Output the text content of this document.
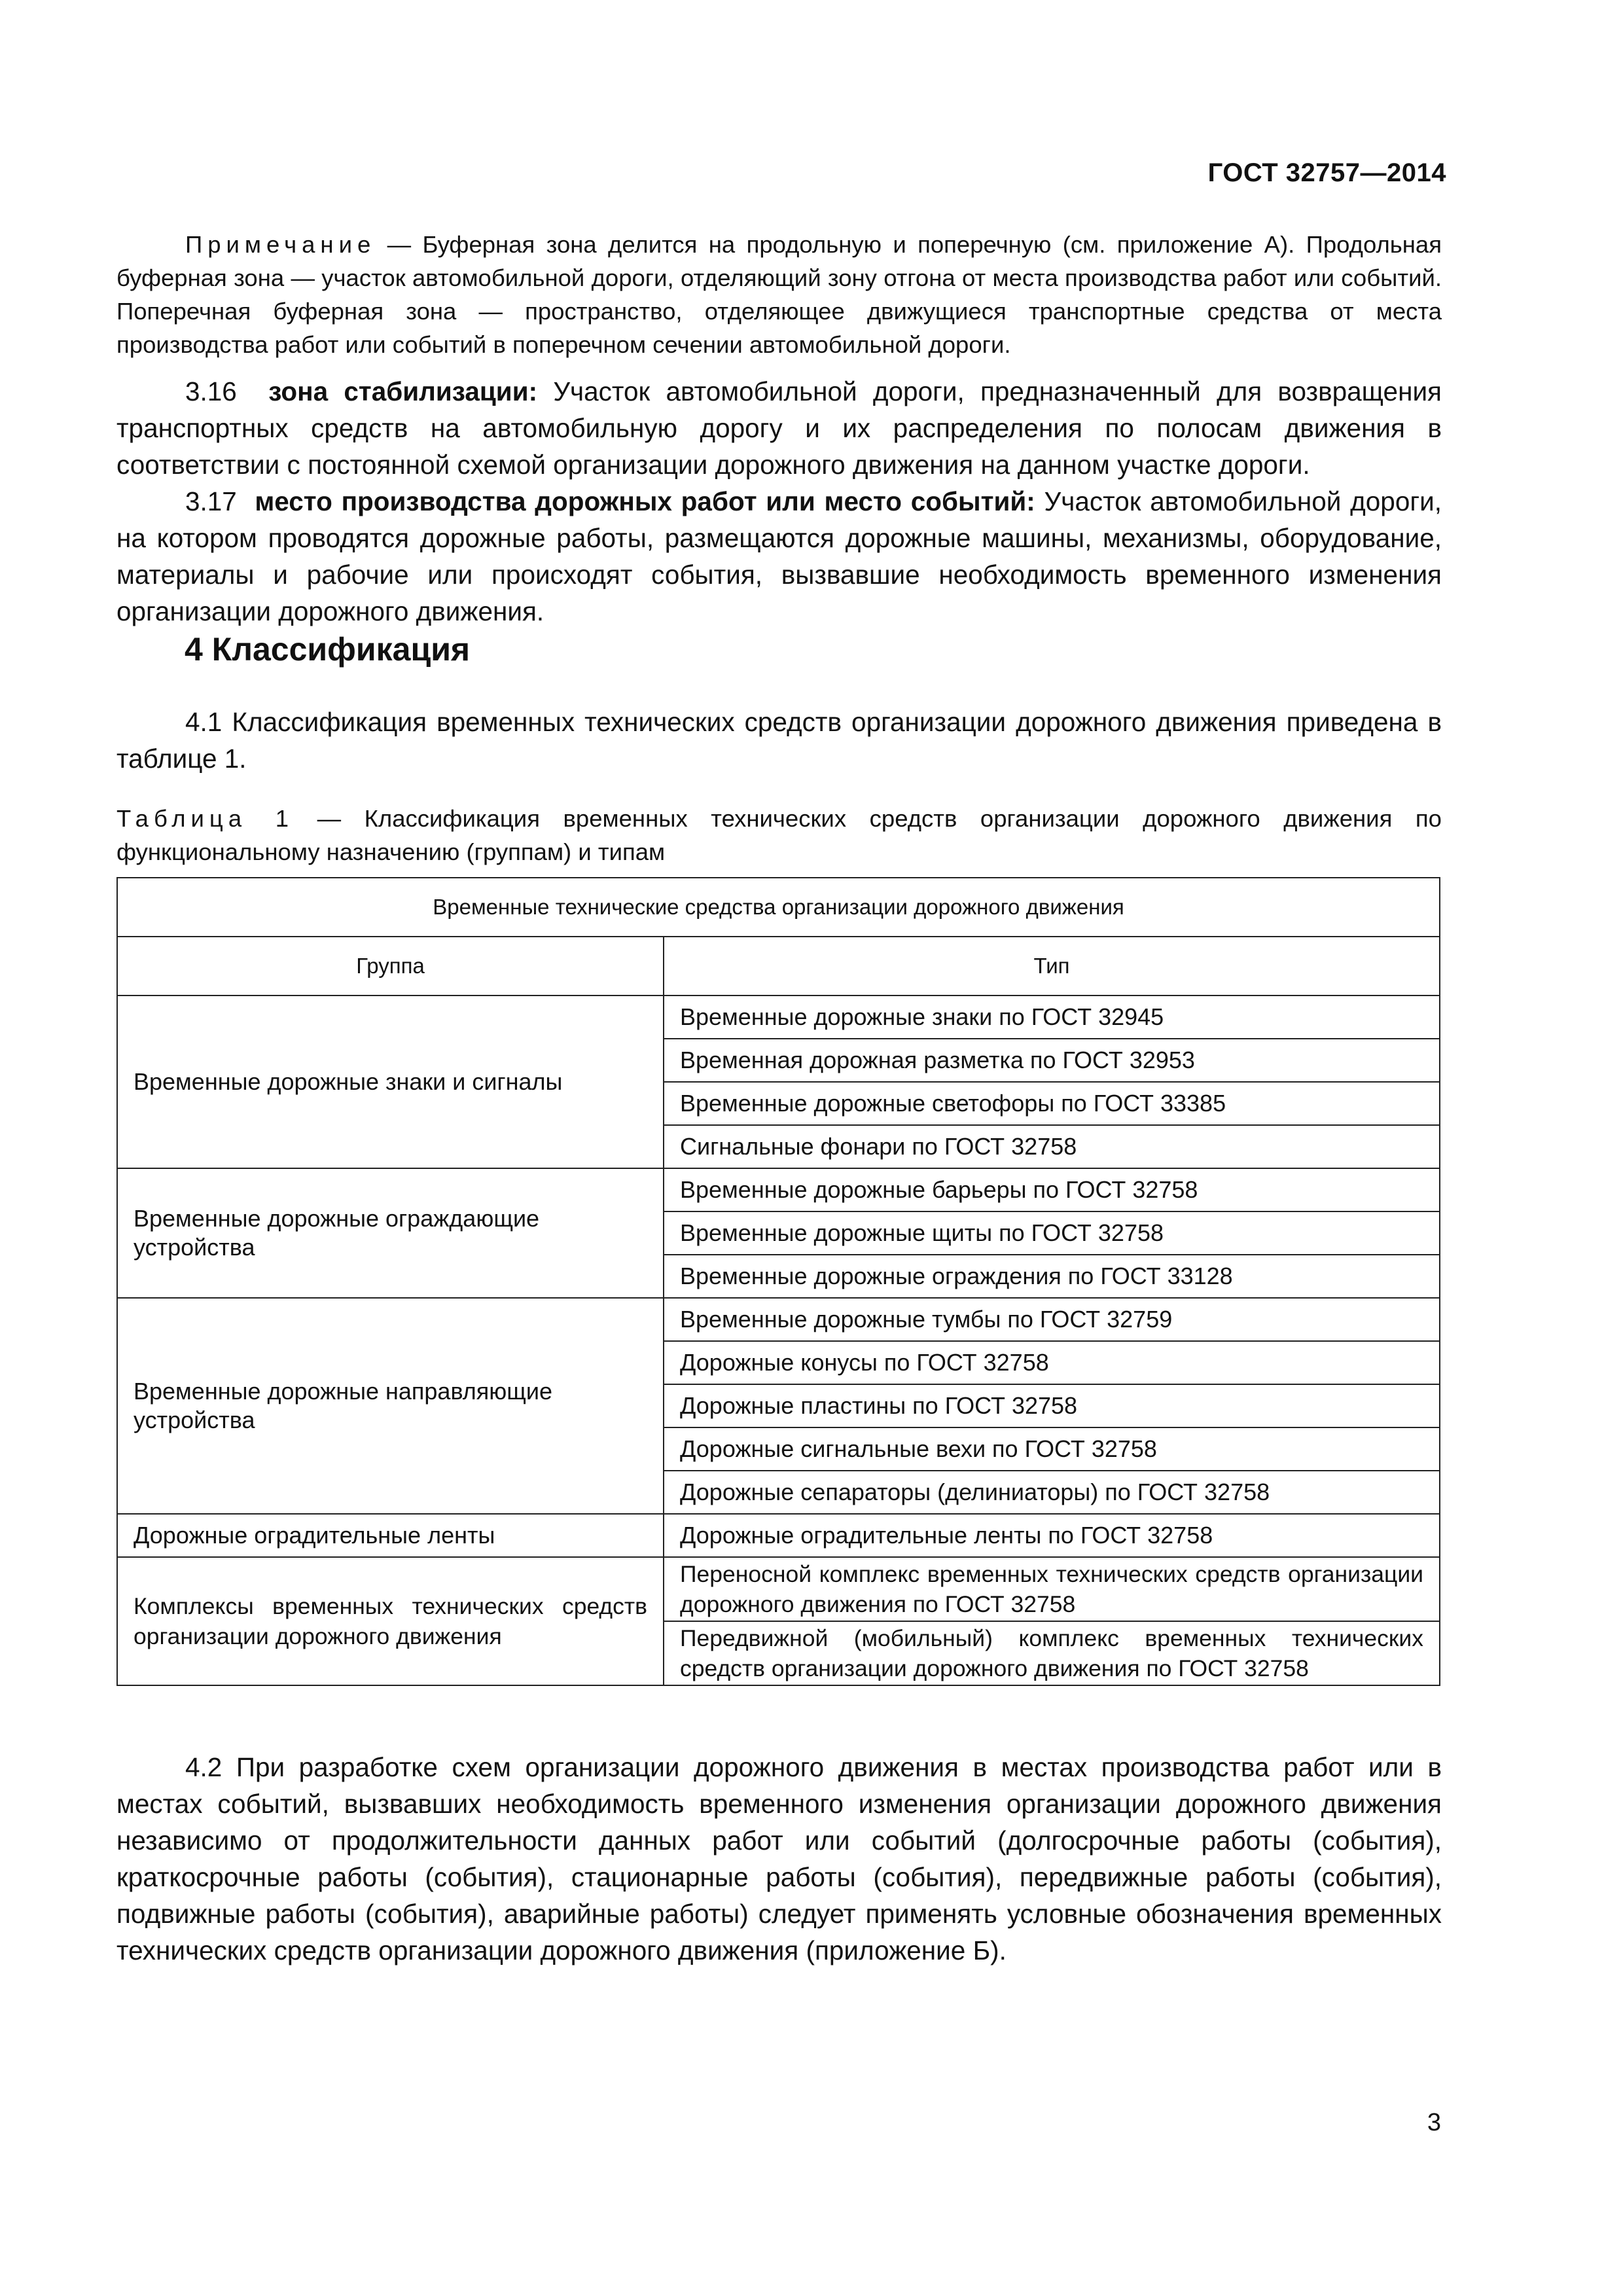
ГОСТ 32757—2014
Примечание — Буферная зона делится на продольную и поперечную (см. приложение А). Продольная буферная зона — участок автомобильной дороги, отделяющий зону отгона от места производства работ или событий. Поперечная буферная зона — пространство, отделяющее движущиеся транспортные средства от места производства работ или событий в поперечном сечении автомобильной дороги.

3.16 зона стабилизации: Участок автомобильной дороги, предназначенный для возвращения транспортных средств на автомобильную дорогу и их распределения по полосам движения в соответствии с постоянной схемой организации дорожного движения на данном участке дороги.

3.17 место производства дорожных работ или место событий: Участок автомобильной дороги, на котором проводятся дорожные работы, размещаются дорожные машины, механизмы, оборудование, материалы и рабочие или происходят события, вызвавшие необходимость временного изменения организации дорожного движения.

4 Классификация

4.1 Классификация временных технических средств организации дорожного движения приведена в таблице 1.

Таблица 1 — Классификация временных технических средств организации дорожного движения по функциональному назначению (группам) и типам

Временные технические средства организации дорожного движения	
Группа	Тип
Временные дорожные знаки и сигналы	Временные дорожные знаки по ГОСТ 32945
	Временная дорожная разметка по ГОСТ 32953
	Временные дорожные светофоры по ГОСТ 33385
	Сигнальные фонари по ГОСТ 32758
Временные дорожные ограждающие устройства	Временные дорожные барьеры по ГОСТ 32758
	Временные дорожные щиты по ГОСТ 32758
	Временные дорожные ограждения по ГОСТ 33128
Временные дорожные направляющие устройства	Временные дорожные тумбы по ГОСТ 32759
	Дорожные конусы по ГОСТ 32758
	Дорожные пластины по ГОСТ 32758
	Дорожные сигнальные вехи по ГОСТ 32758
	Дорожные сепараторы (делиниаторы) по ГОСТ 32758
Дорожные оградительные ленты	Дорожные оградительные ленты по ГОСТ 32758
Комплексы временных технических средств организации дорожного движения	Переносной комплекс временных технических средств организации дорожного движения по ГОСТ 32758
	Передвижной (мобильный) комплекс временных технических средств организации дорожного движения по ГОСТ 32758

4.2 При разработке схем организации дорожного движения в местах производства работ или в местах событий, вызвавших необходимость временного изменения организации дорожного движения независимо от продолжительности данных работ или событий (долгосрочные работы (события), краткосрочные работы (события), стационарные работы (события), передвижные работы (события), подвижные работы (события), аварийные работы) следует применять условные обозначения временных технических средств организации дорожного движения (приложение Б).

3
